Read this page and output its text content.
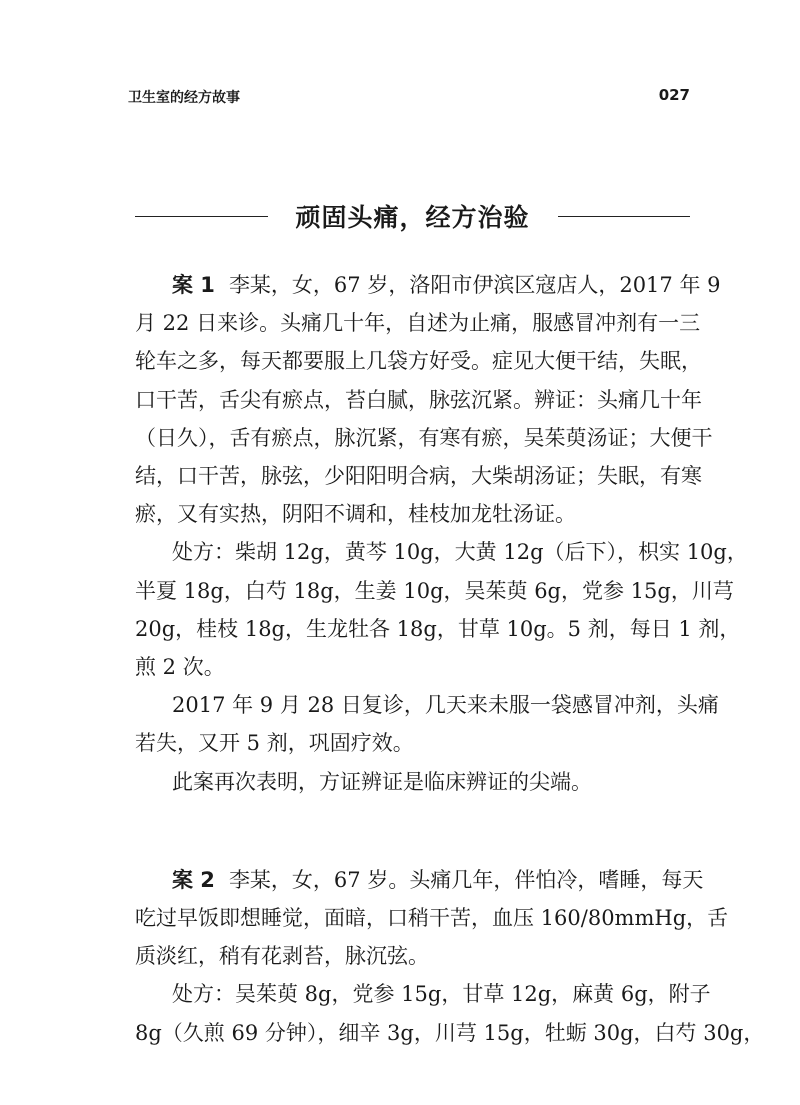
卫生室的经方故事	027
顽固头痛，经方治验
案 1 李某，女，67 岁，洛阳市伊滨区寇店人，2017 年 9
月 22 日来诊。头痛几十年，自述为止痛，服感冒冲剂有一三
轮车之多，每天都要服上几袋方好受。症见大便干结，失眠，
口干苦，舌尖有瘀点，苔白腻，脉弦沉紧。辨证：头痛几十年
（日久），舌有瘀点，脉沉紧，有寒有瘀，吴茱萸汤证；大便干
结，口干苦，脉弦，少阳阳明合病，大柴胡汤证；失眠，有寒
瘀，又有实热，阴阳不调和，桂枝加龙牡汤证。
处方：柴胡 12g，黄芩 10g，大黄 12g（后下），枳实 10g，
半夏 18g，白芍 18g，生姜 10g，吴茱萸 6g，党参 15g，川芎
20g，桂枝 18g，生龙牡各 18g，甘草 10g。5 剂，每日 1 剂，
煎 2 次。
2017 年 9 月 28 日复诊，几天来未服一袋感冒冲剂，头痛
若失，又开 5 剂，巩固疗效。
此案再次表明，方证辨证是临床辨证的尖端。
案 2 李某，女，67 岁。头痛几年，伴怕冷，嗜睡，每天
吃过早饭即想睡觉，面暗，口稍干苦，血压 160/80mmHg，舌
质淡红，稍有花剥苔，脉沉弦。
处方：吴茱萸 8g，党参 15g，甘草 12g，麻黄 6g，附子
8g（久煎 69 分钟），细辛 3g，川芎 15g，牡蛎 30g，白芍 30g，
